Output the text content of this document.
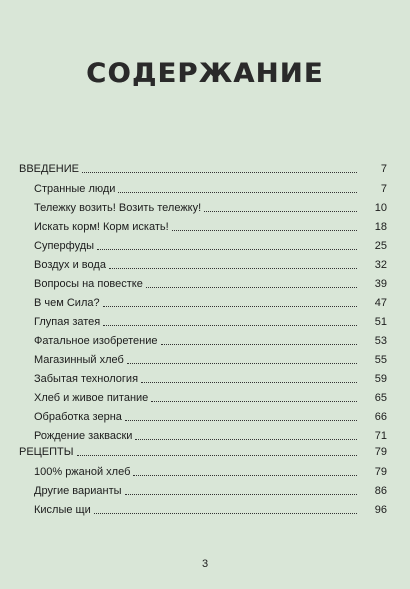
СОДЕРЖАНИЕ
ВВЕДЕНИЕ	7
Странные люди	7
Тележку возить! Возить тележку!	10
Искать корм! Корм искать!	18
Суперфуды	25
Воздух и вода	32
Вопросы на повестке	39
В чем Сила?	47
Глупая затея	51
Фатальное изобретение	53
Магазинный хлеб	55
Забытая технология	59
Хлеб и живое питание	65
Обработка зерна	66
Рождение закваски	71
РЕЦЕПТЫ	79
100% ржаной хлеб	79
Другие варианты	86
Кислые щи	96
3
